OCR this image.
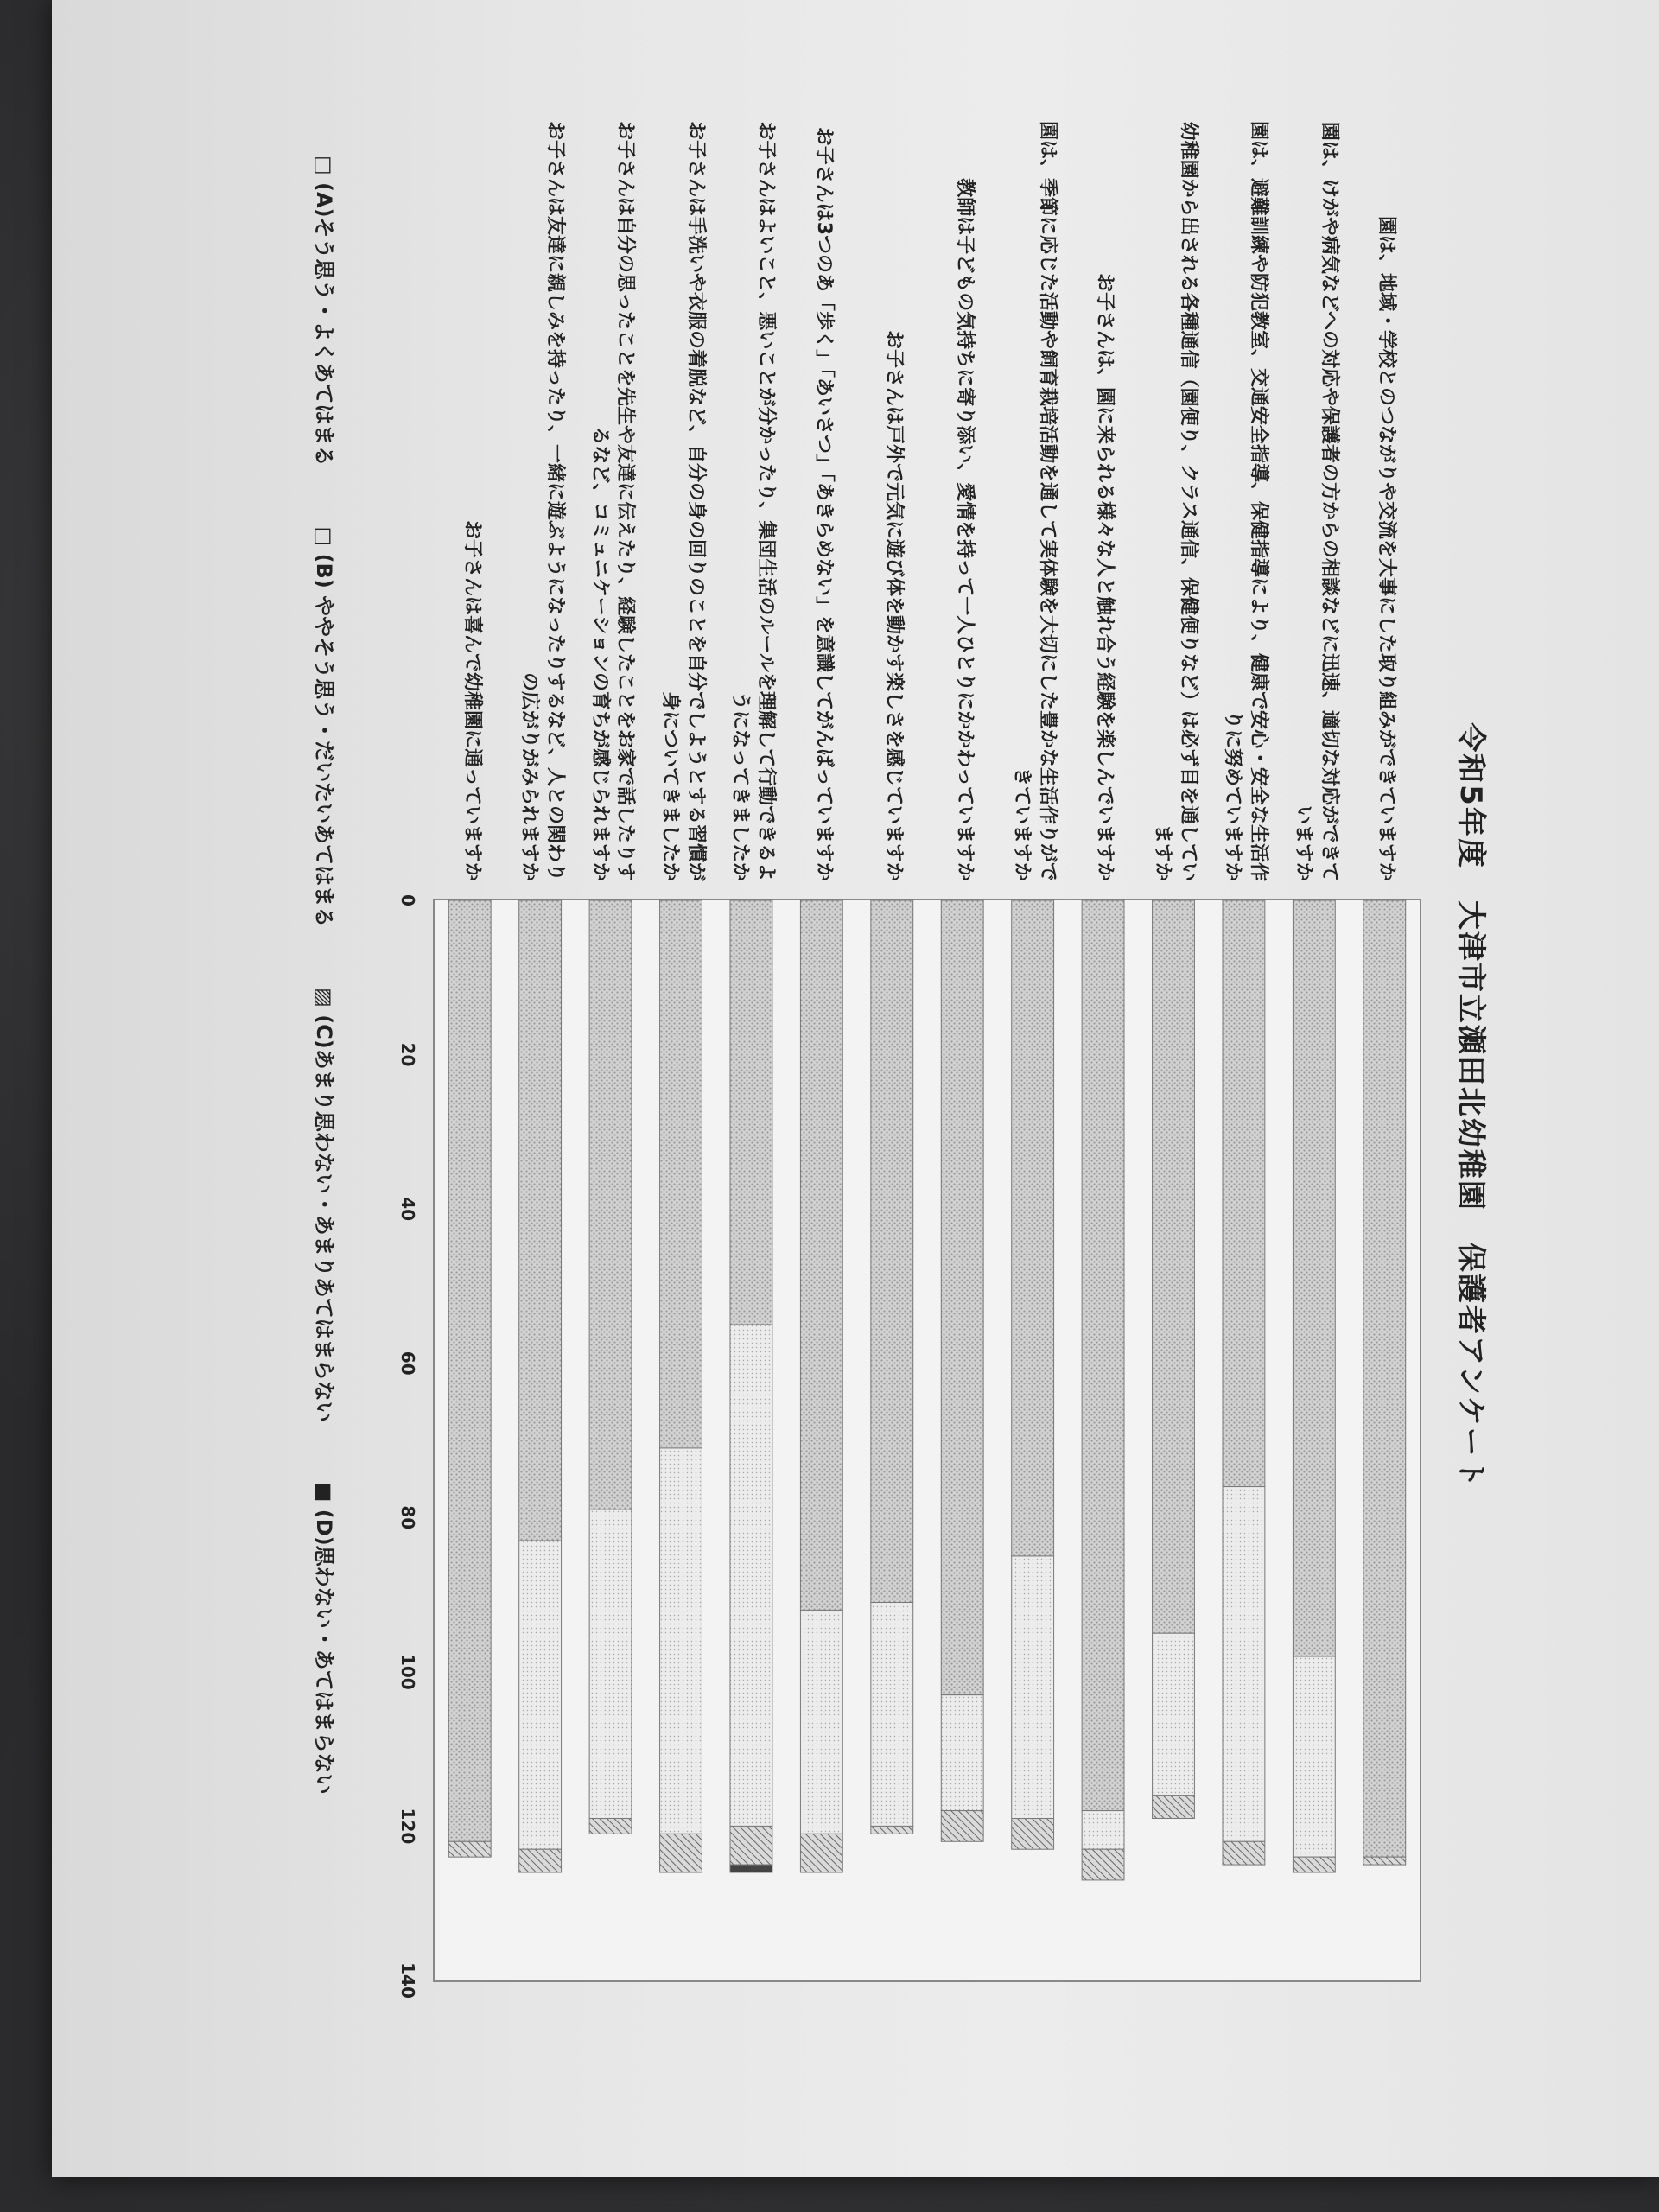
令和5年度　大津市立瀬田北幼稚園　保護者アンケート
園は、地域・学校とのつながりや交流を大事にした取り組みができていますか
園は、けがや病気などへの対応や保護者の方からの相談などに迅速、適切な対応ができていますか
園は、避難訓練や防犯教室、交通安全指導、保健指導により、健康で安心・安全な生活作りに努めていますか
幼稚園から出される各種通信（園便り、クラス通信、保健便りなど）は必ず目を通していますか
お子さんは、園に来られる様々な人と触れ合う経験を楽しんでいますか
園は、季節に応じた活動や飼育栽培活動を通して実体験を大切にした豊かな生活作りができていますか
教師は子どもの気持ちに寄り添い、愛情を持って一人ひとりにかかわっていますか
お子さんは戸外で元気に遊び体を動かす楽しさを感じていますか
お子さんは3つのあ「歩く」「あいさつ」「あきらめない」を意識してがんばっていますか
お子さんはよいこと、悪いことが分かったり、集団生活のルールを理解して行動できるようになってきましたか
お子さんは手洗いや衣服の着脱など、自分の身の回りのことを自分でしようとする習慣が身についてきましたか
お子さんは自分の思ったことを先生や友達に伝えたり、経験したことをお家で話したりするなど、コミュニケーションの育ちが感じられますか
お子さんは友達に親しみを持ったり、一緒に遊ぶようになったりするなど、人との関わりの広がりがみられますか
お子さんは喜んで幼稚園に通っていますか
0
20
40
60
80
100
120
140
□ (A)そう思う・よくあてはまる
□ (B) ややそう思う・だいたいあてはまる
▨ (C)あまり思わない・あまりあてはまらない
■ (D)思わない・あてはまらない
